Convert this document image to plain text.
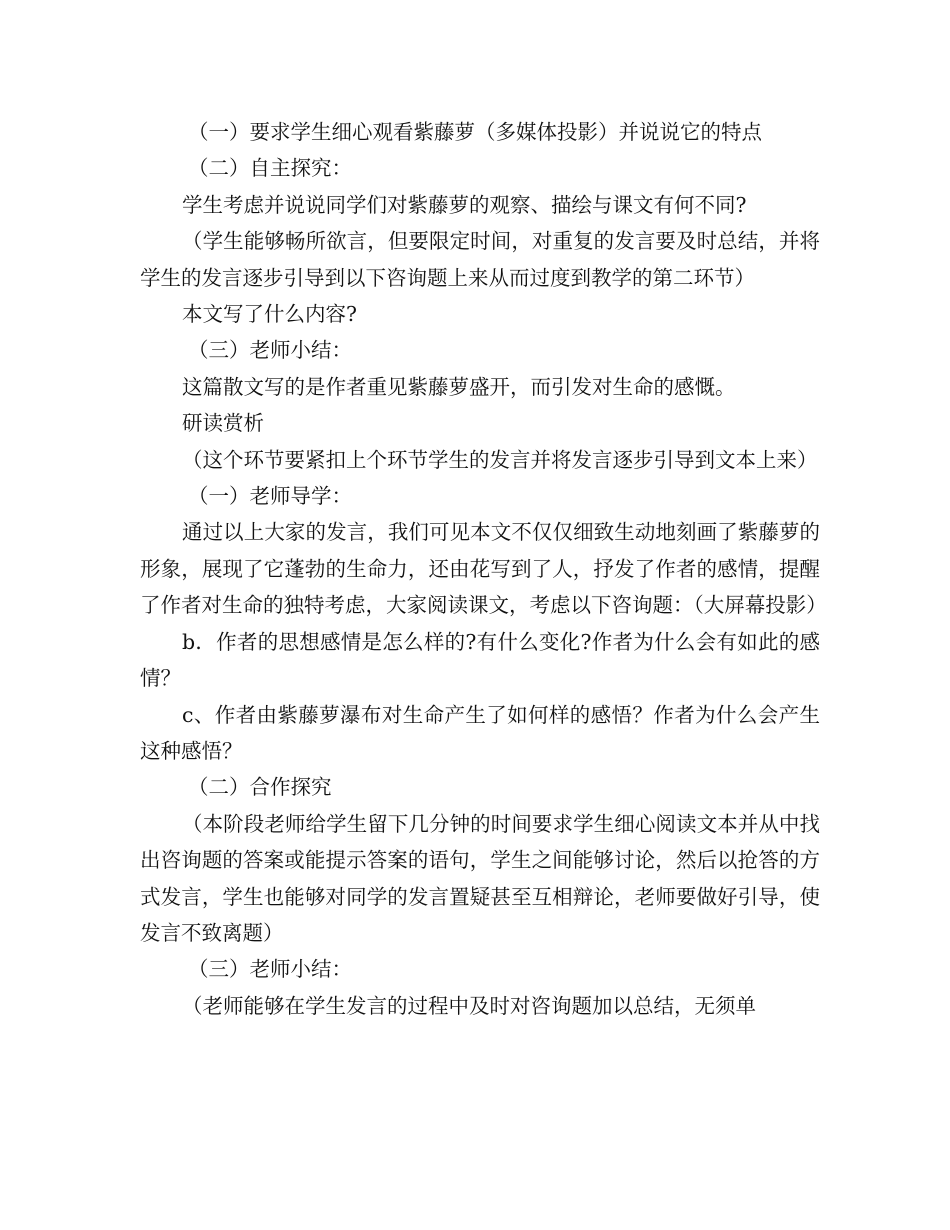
（一）要求学生细心观看紫藤萝（多媒体投影）并说说它的特点

（二）自主探究：

学生考虑并说说同学们对紫藤萝的观察、描绘与课文有何不同?

（学生能够畅所欲言，但要限定时间，对重复的发言要及时总结，并将学生的发言逐步引导到以下咨询题上来从而过度到教学的第二环节）

本文写了什么内容?

（三）老师小结：

这篇散文写的是作者重见紫藤萝盛开，而引发对生命的感慨。

研读赏析

（这个环节要紧扣上个环节学生的发言并将发言逐步引导到文本上来）

（一）老师导学：

通过以上大家的发言，我们可见本文不仅仅细致生动地刻画了紫藤萝的形象，展现了它蓬勃的生命力，还由花写到了人，抒发了作者的感情，提醒了作者对生命的独特考虑，大家阅读课文，考虑以下咨询题：（大屏幕投影）

b．作者的思想感情是怎么样的?有什么变化?作者为什么会有如此的感情？

c、作者由紫藤萝瀑布对生命产生了如何样的感悟？作者为什么会产生这种感悟？

（二）合作探究

（本阶段老师给学生留下几分钟的时间要求学生细心阅读文本并从中找出咨询题的答案或能提示答案的语句，学生之间能够讨论，然后以抢答的方式发言，学生也能够对同学的发言置疑甚至互相辩论，老师要做好引导，使发言不致离题）

（三）老师小结：

（老师能够在学生发言的过程中及时对咨询题加以总结，无须单
